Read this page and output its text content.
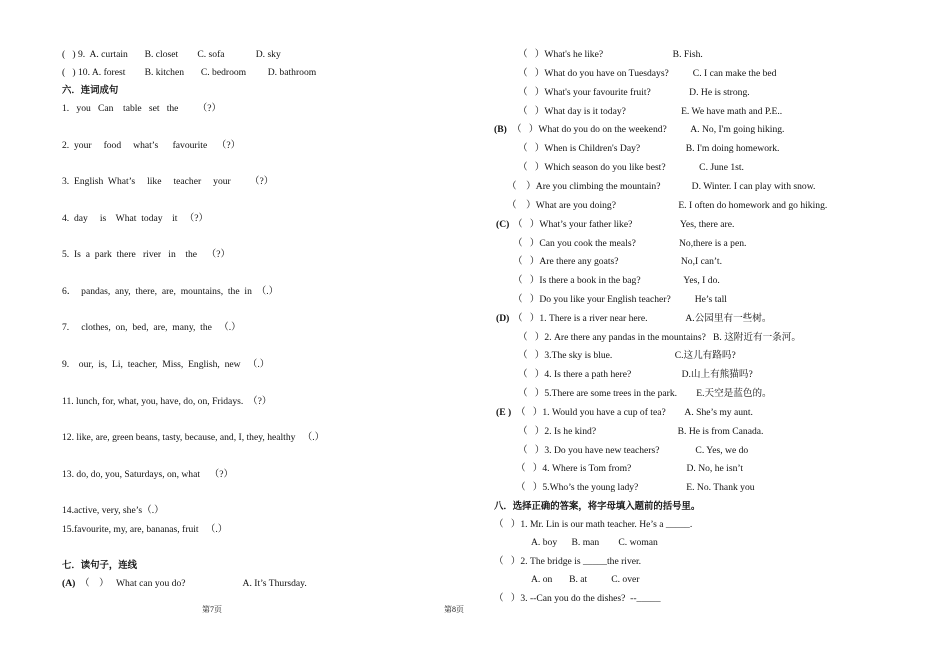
(   ) 9.  A. curtain       B. closet        C. sofa             D. sky
(   ) 10. A. forest        B. kitchen       C. bedroom         D. bathroom
六．连词成句
1.   you   Can    table   set   the        （?）
2.  your     food     what’s      favourite    （?）
3.  English  What’s     like     teacher     your        （?）
4.  day     is    What  today    it   （?）
5.  Is  a  park  there   river   in    the    （?）
6．  pandas,  any,  there,  are,  mountains,  the  in  （.）
7.     clothes,  on,  bed,  are,  many,  the   （.）
9.    our,  is,  Li,  teacher,  Miss,  English,  new   （.）
11. lunch, for, what, you, have, do, on, Fridays.  （?）
12. like, are, green beans, tasty, because, and, I, they, healthy   （.）
13. do, do, you, Saturdays, on, what    （?）
14.active, very, she’s（.）
15.favourite, my, are, bananas, fruit   （.）
七．读句子，连线
(A) （    ）   What can you do?                        A. It’s Thursday.
第7页
（   ）What's he like?                             B. Fish.
（   ）What do you have on Tuesdays?          C. I can make the bed
（   ）What's your favourite fruit?                D. He is strong.
（   ）What day is it today?                       E. We have math and P.E..
(B) （   ）What do you do on the weekend?          A. No, I'm going hiking.
（   ）When is Children's Day?                   B. I'm doing homework.
（   ）Which season do you like best?              C. June 1st.
（    ）Are you climbing the mountain?             D. Winter. I can play with snow.
（    ）What are you doing?                          E. I often do homework and go hiking.
(C) （   ）What’s your father like?                    Yes, there are.
（   ）Can you cook the meals?                  No,there is a pen.
（   ）Are there any goats?                          No,I can’t.
（   ）Is there a book in the bag?                  Yes, I do.
（   ）Do you like your English teacher?          He’s tall
(D) （   ）1. There is a river near here.                A.公园里有一些树。
（   ）2. Are there any pandas in the mountains?   B. 这附近有一条河。
（   ）3.The sky is blue.                          C.这儿有路吗?
（   ）4. Is there a path here?                     D.山上有熊猫吗?
（   ）5.There are some trees in the park.        E.天空是蓝色的。
(E ) （   ）1. Would you have a cup of tea?        A. She’s my aunt.
（   ）2. Is he kind?                                  B. He is from Canada.
（   ）3. Do you have new teachers?               C. Yes, we do
（   ）4. Where is Tom from?                       D. No, he isn’t
（   ）5.Who’s the young lady?                    E. No. Thank you
八．选择正确的答案，将字母填入题前的括号里。
（   ）1. Mr. Lin is our math teacher. He’s a _____.
A. boy      B. man        C. woman
（   ）2. The bridge is _____the river.
A. on       B. at          C. over
（   ）3. --Can you do the dishes?  --_____
第8页
